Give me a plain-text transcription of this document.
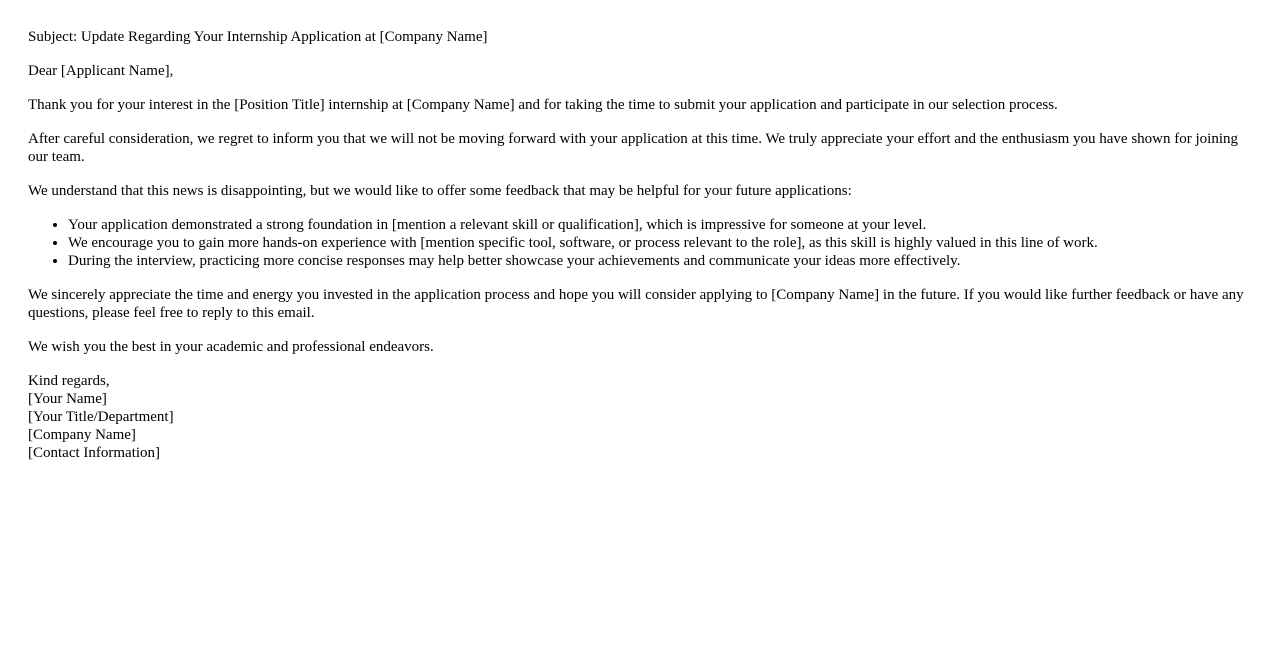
Subject: Update Regarding Your Internship Application at [Company Name]

Dear [Applicant Name],

Thank you for your interest in the [Position Title] internship at [Company Name] and for taking the time to submit your application and participate in our selection process.

After careful consideration, we regret to inform you that we will not be moving forward with your application at this time. We truly appreciate your effort and the enthusiasm you have shown for joining our team.

We understand that this news is disappointing, but we would like to offer some feedback that may be helpful for your future applications:

• Your application demonstrated a strong foundation in [mention a relevant skill or qualification], which is impressive for someone at your level.
• We encourage you to gain more hands-on experience with [mention specific tool, software, or process relevant to the role], as this skill is highly valued in this line of work.
• During the interview, practicing more concise responses may help better showcase your achievements and communicate your ideas more effectively.

We sincerely appreciate the time and energy you invested in the application process and hope you will consider applying to [Company Name] in the future. If you would like further feedback or have any questions, please feel free to reply to this email.

We wish you the best in your academic and professional endeavors.

Kind regards,
[Your Name]
[Your Title/Department]
[Company Name]
[Contact Information]
